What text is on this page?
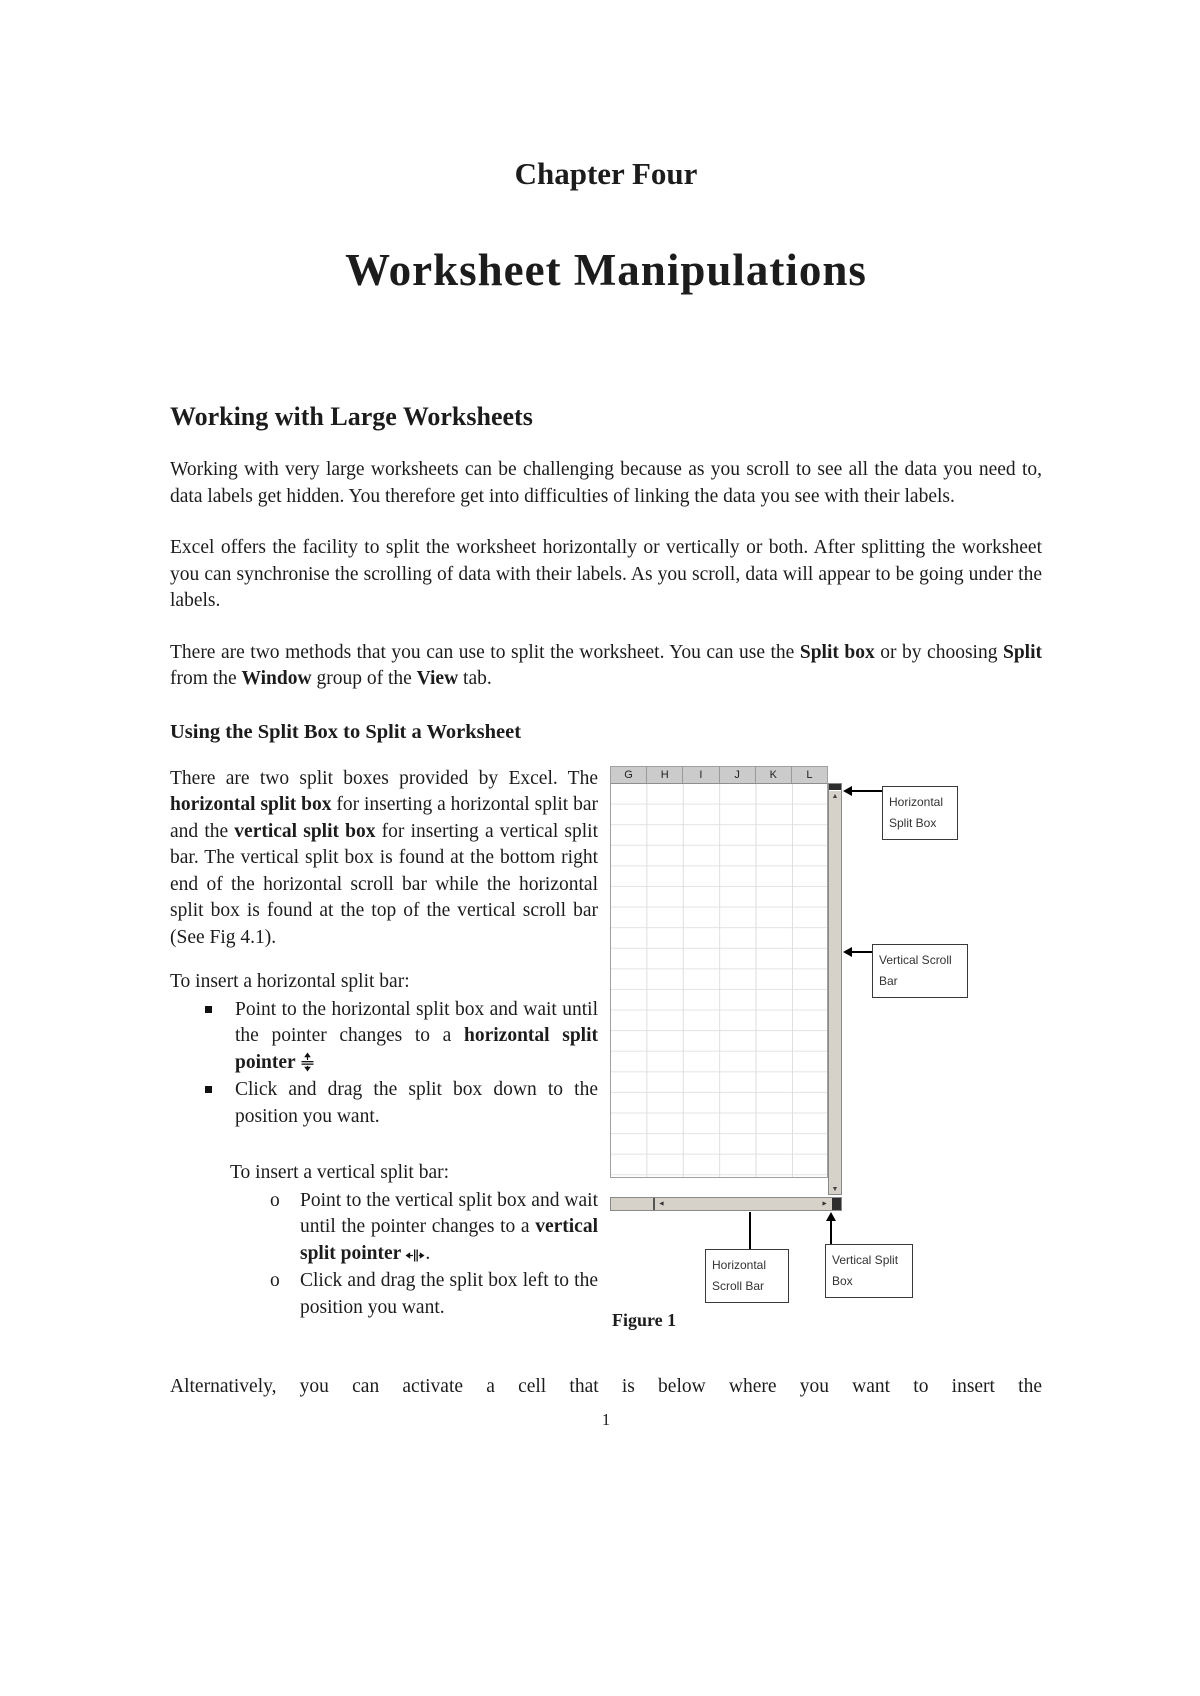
Chapter Four
Worksheet Manipulations
Working with Large Worksheets

Working with very large worksheets can be challenging because as you scroll to see all the data you need to, data labels get hidden. You therefore get into difficulties of linking the data you see with their labels.

Excel offers the facility to split the worksheet horizontally or vertically or both. After splitting the worksheet you can synchronise the scrolling of data with their labels. As you scroll, data will appear to be going under the labels.

There are two methods that you can use to split the worksheet. You can use the Split box or by choosing Split from the Window group of the View tab.

Using the Split Box to Split a Worksheet
There are two split boxes provided by Excel. The horizontal split box for inserting a horizontal split bar and the vertical split box for inserting a vertical split bar. The vertical split box is found at the bottom right end of the horizontal scroll bar while the horizontal split box is found at the top of the vertical scroll bar (See Fig 4.1).
To insert a horizontal split bar:
Point to the horizontal split box and wait until the pointer changes to a horizontal split pointer
Click and drag the split box down to the position you want.
To insert a vertical split bar:
o	Point to the vertical split box and wait until the pointer changes to a vertical split pointer .
o	Click and drag the split box left to the position you want.
G	H	I	J	K	L
▲
▼
◄	►
Horizontal Split Box
Vertical Scroll Bar
Horizontal Scroll Bar
Vertical Split Box
Figure 1

Alternatively, you can activate a cell that is below where you want to insert the

1
